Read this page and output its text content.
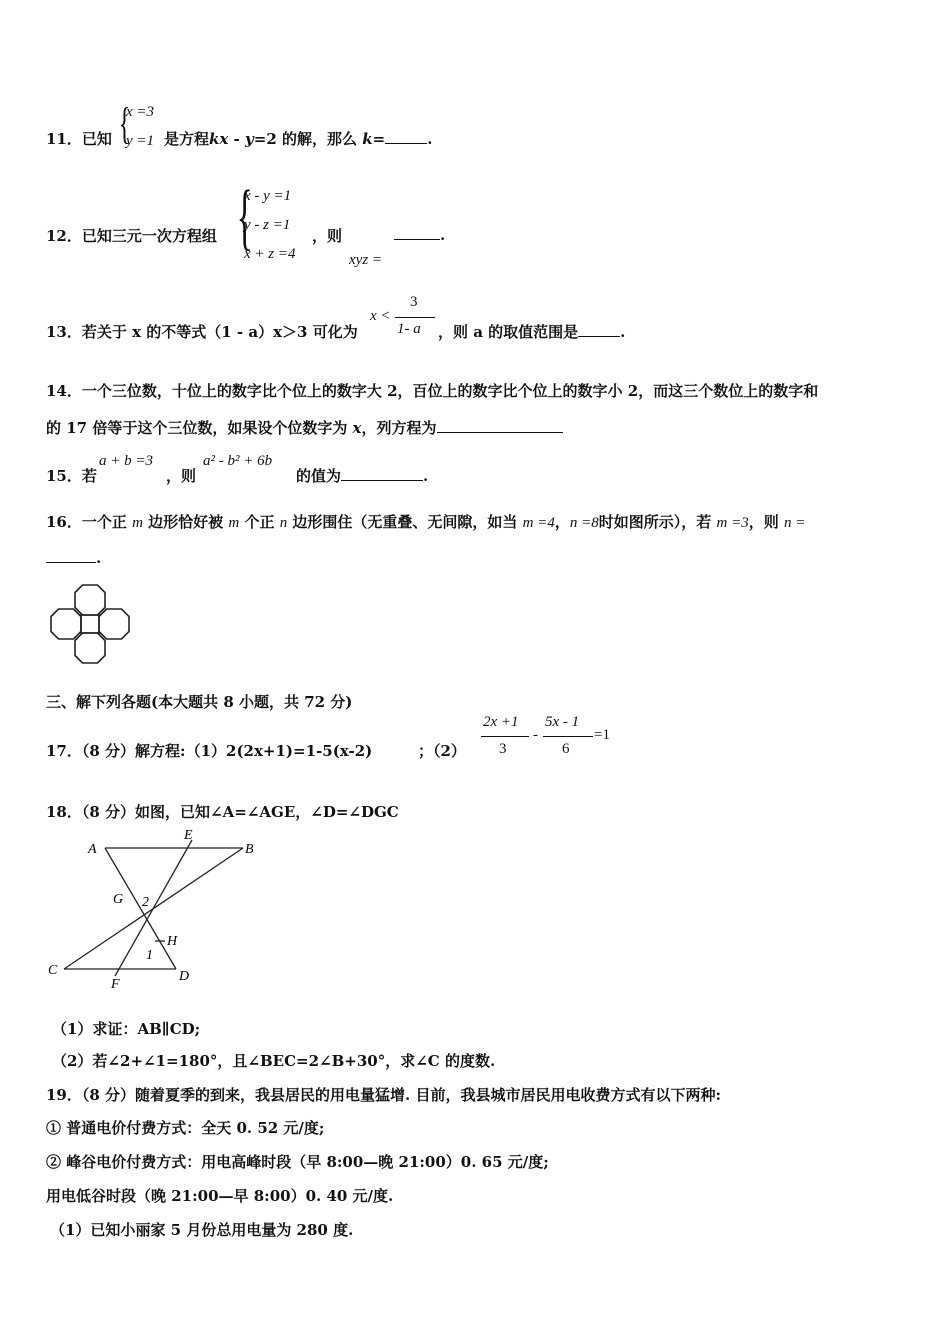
11．已知 {
x =3
y =1 是方程kx - y=2 的解，那么 k=	.
12．已知三元一次方程组 {
x - y =1
y - z =1
x + z =4
，则
xyz =
.
13．若关于 x 的不等式（1 - a）x＞3 可化为
x <
3
1- a ，则 a 的取值范围是	.
14．一个三位数，十位上的数字比个位上的数字大 2，百位上的数字比个位上的数字小 2，而这三个数位上的数字和
的 17 倍等于这个三位数，如果设个位数字为 x，列方程为
15．若
a + b =3
，则
a² - b² + 6b
的值为	.
16．一个正 m 边形恰好被 m 个正 n 边形围住（无重叠、无间隙，如当 m =4，n =8时如图所示），若 m =3，则 n =
.
三、解下列各题(本大题共 8 小题，共 72 分)
17．（8 分）解方程:（1）2(2x+1)=1-5(x-2)	；（2）
2x +1
3
-
5x - 1
6
=1
18．（8 分）如图，已知∠A=∠AGE，∠D=∠DGC
A
E
B
G 2
H
1
C
F
D
（1）求证：AB∥CD;
（2）若∠2+∠1=180°，且∠BEC=2∠B+30°，求∠C 的度数.
19．（8 分）随着夏季的到来，我县居民的用电量猛增. 目前，我县城市居民用电收费方式有以下两种:
① 普通电价付费方式：全天 0. 52 元/度;
② 峰谷电价付费方式：用电高峰时段（早 8:00—晚 21:00）0. 65 元/度;
用电低谷时段（晚 21:00—早 8:00）0. 40 元/度.
（1）已知小丽家 5 月份总用电量为 280 度.
